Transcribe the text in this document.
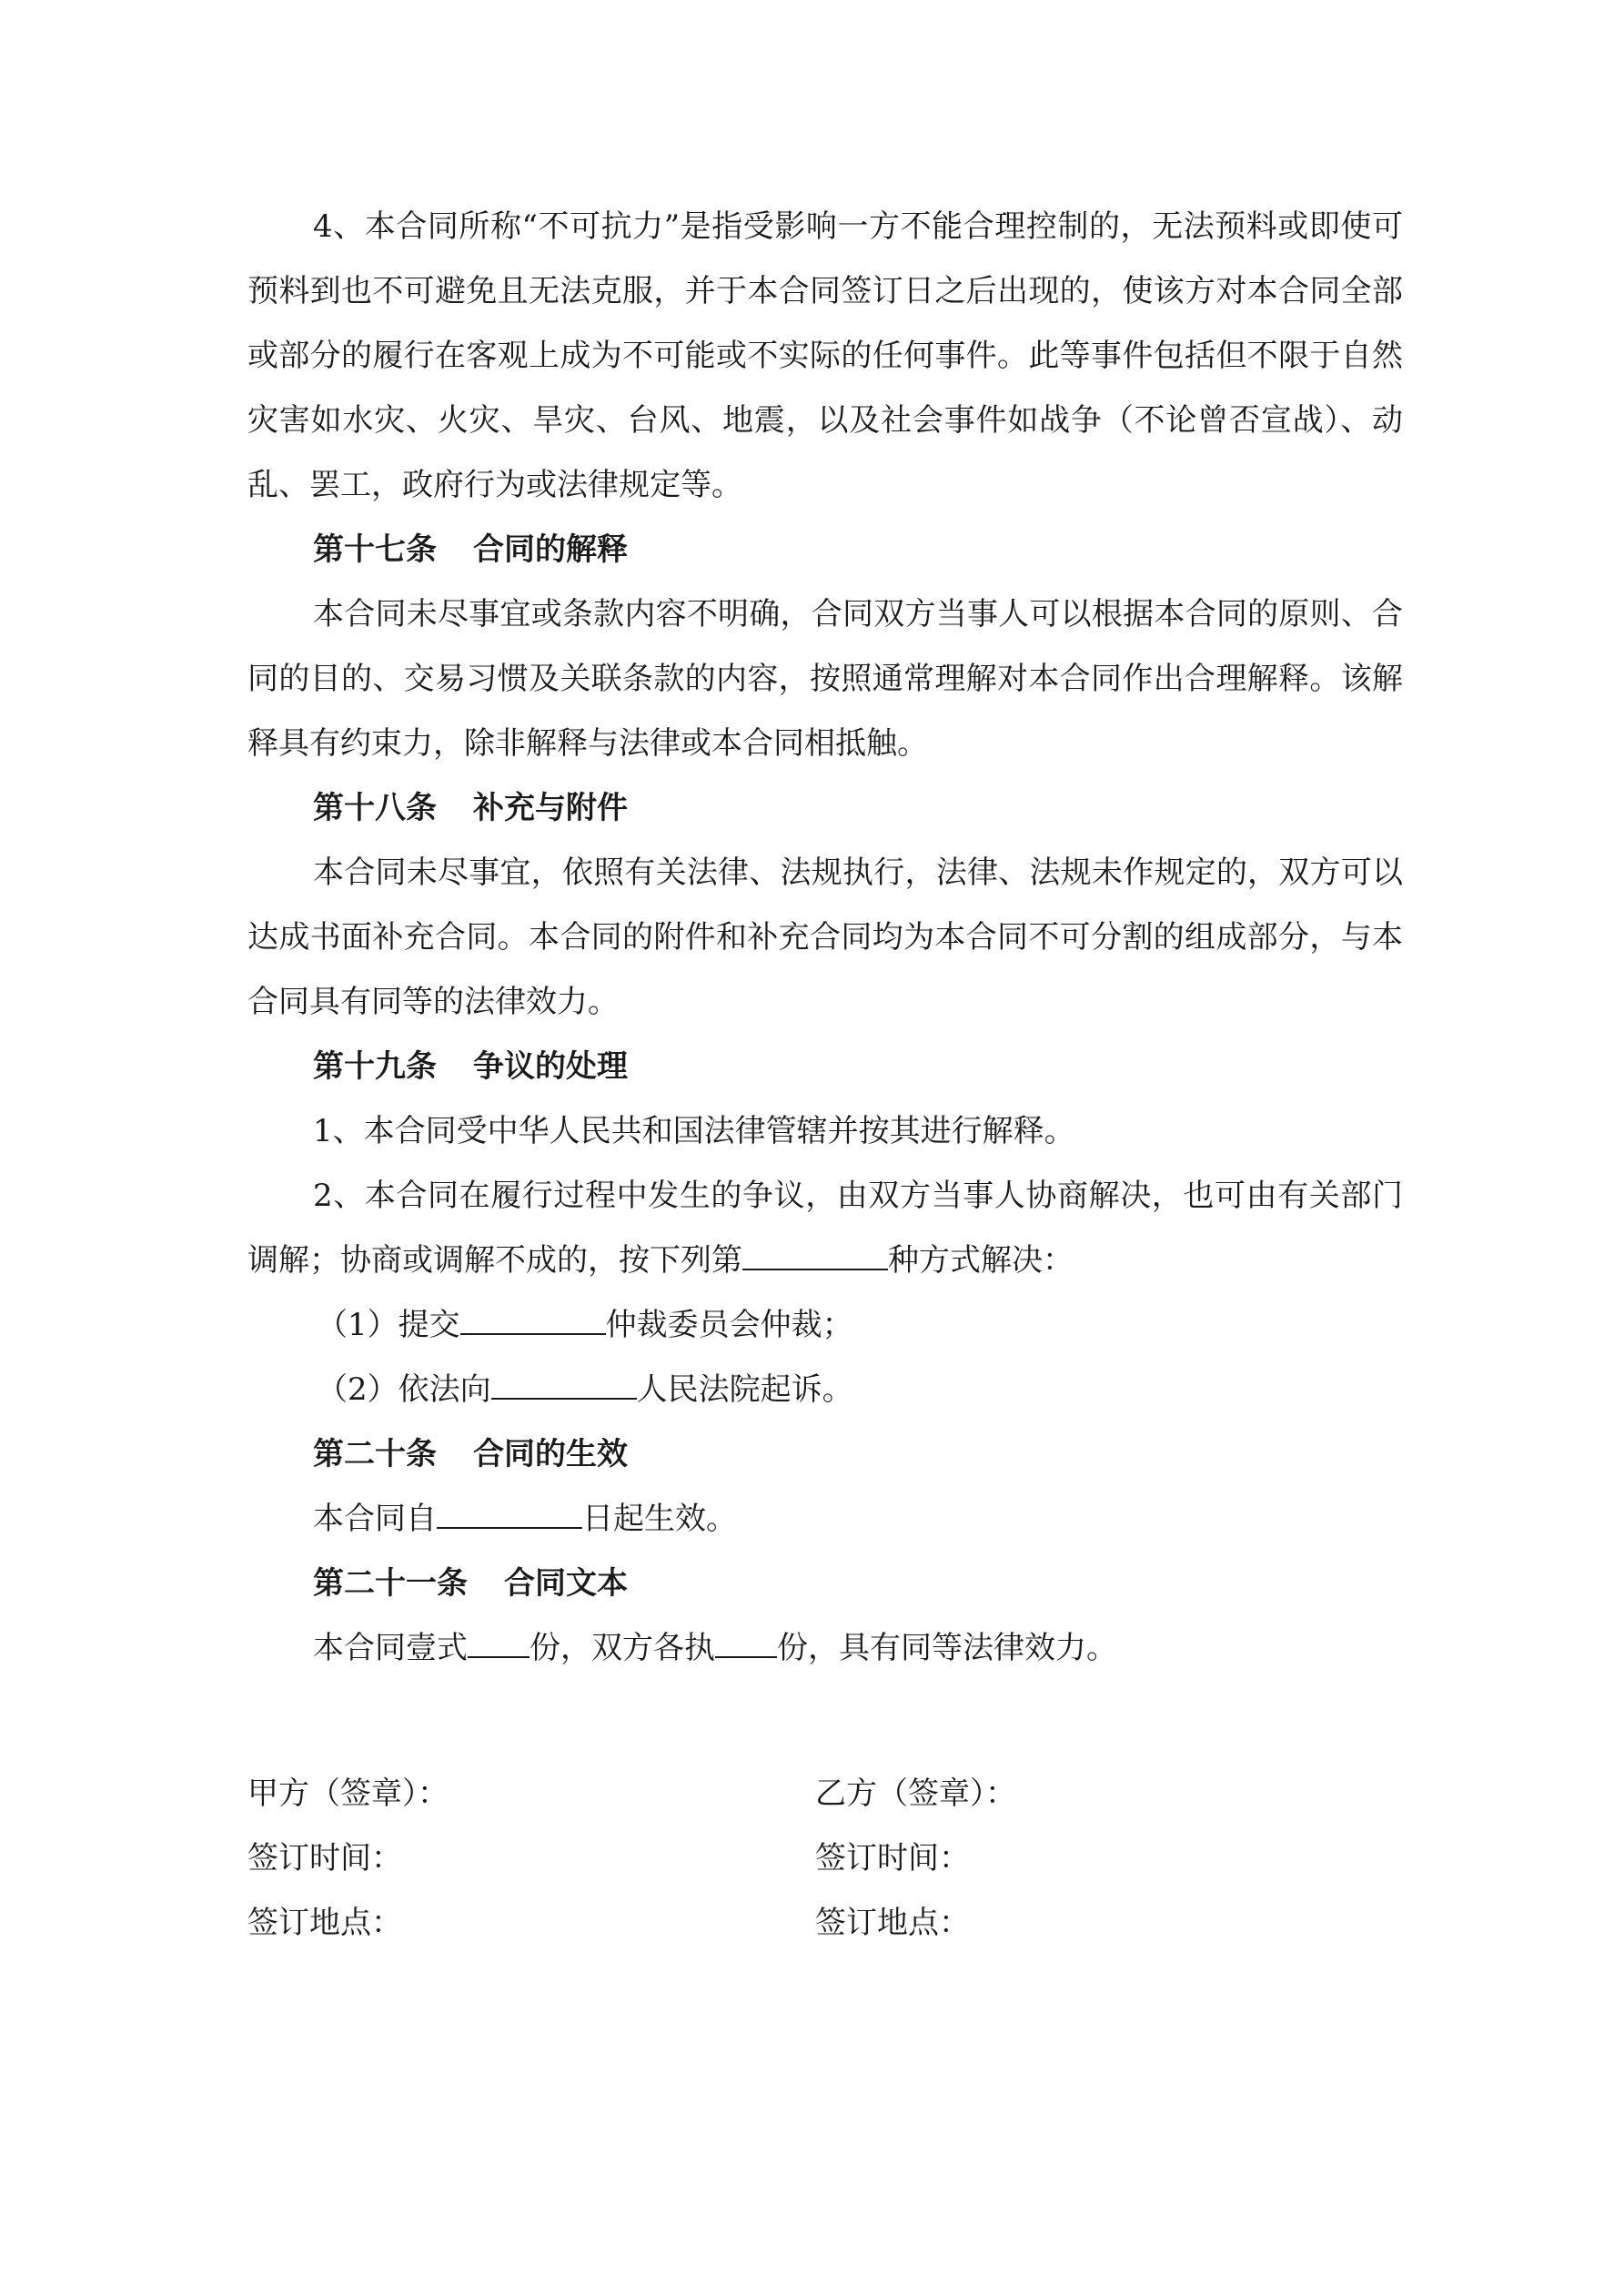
4、本合同所称“不可抗力”是指受影响一方不能合理控制的，无法预料或即使可预料到也不可避免且无法克服，并于本合同签订日之后出现的，使该方对本合同全部或部分的履行在客观上成为不可能或不实际的任何事件。此等事件包括但不限于自然灾害如水灾、火灾、旱灾、台风、地震，以及社会事件如战争（不论曾否宣战）、动乱、罢工，政府行为或法律规定等。

第十七条 合同的解释

本合同未尽事宜或条款内容不明确，合同双方当事人可以根据本合同的原则、合同的目的、交易习惯及关联条款的内容，按照通常理解对本合同作出合理解释。该解释具有约束力，除非解释与法律或本合同相抵触。

第十八条 补充与附件

本合同未尽事宜，依照有关法律、法规执行，法律、法规未作规定的，双方可以达成书面补充合同。本合同的附件和补充合同均为本合同不可分割的组成部分，与本合同具有同等的法律效力。

第十九条 争议的处理

1、本合同受中华人民共和国法律管辖并按其进行解释。

2、本合同在履行过程中发生的争议，由双方当事人协商解决，也可由有关部门调解；协商或调解不成的，按下列第	种方式解决：

（1）提交	仲裁委员会仲裁；

（2）依法向	人民法院起诉。

第二十条 合同的生效

本合同自	日起生效。

第二十一条 合同文本

本合同壹式 份，双方各执 份，具有同等法律效力。

甲方（签章）：	乙方（签章）：
签订时间：	签订时间：
签订地点：	签订地点：
